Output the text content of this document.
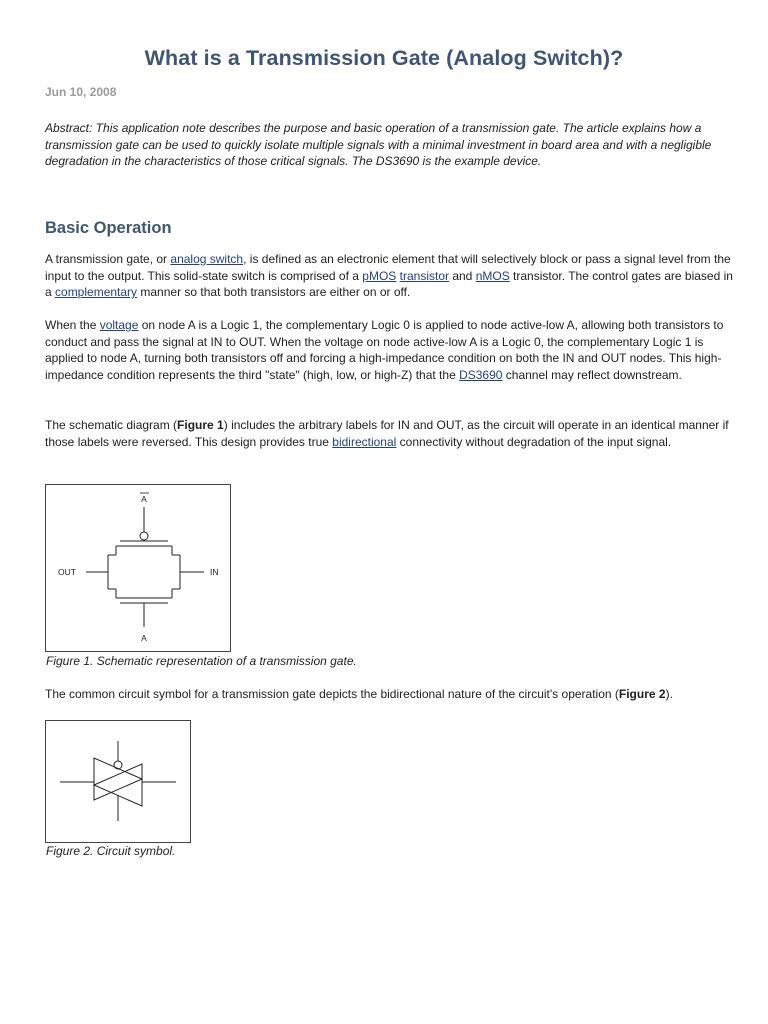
What is a Transmission Gate (Analog Switch)?
Jun 10, 2008
Abstract: This application note describes the purpose and basic operation of a transmission gate. The article explains how a transmission gate can be used to quickly isolate multiple signals with a minimal investment in board area and with a negligible degradation in the characteristics of those critical signals. The DS3690 is the example device.
Basic Operation
A transmission gate, or analog switch, is defined as an electronic element that will selectively block or pass a signal level from the input to the output. This solid-state switch is comprised of a pMOS transistor and nMOS transistor. The control gates are biased in a complementary manner so that both transistors are either on or off.
When the voltage on node A is a Logic 1, the complementary Logic 0 is applied to node active-low A, allowing both transistors to conduct and pass the signal at IN to OUT. When the voltage on node active-low A is a Logic 0, the complementary Logic 1 is applied to node A, turning both transistors off and forcing a high-impedance condition on both the IN and OUT nodes. This high-impedance condition represents the third "state" (high, low, or high-Z) that the DS3690 channel may reflect downstream.
The schematic diagram (Figure 1) includes the arbitrary labels for IN and OUT, as the circuit will operate in an identical manner if those labels were reversed. This design provides true bidirectional connectivity without degradation of the input signal.
A
OUT	IN
A
Figure 1. Schematic representation of a transmission gate.
The common circuit symbol for a transmission gate depicts the bidirectional nature of the circuit's operation (Figure 2).
Figure 2. Circuit symbol.
